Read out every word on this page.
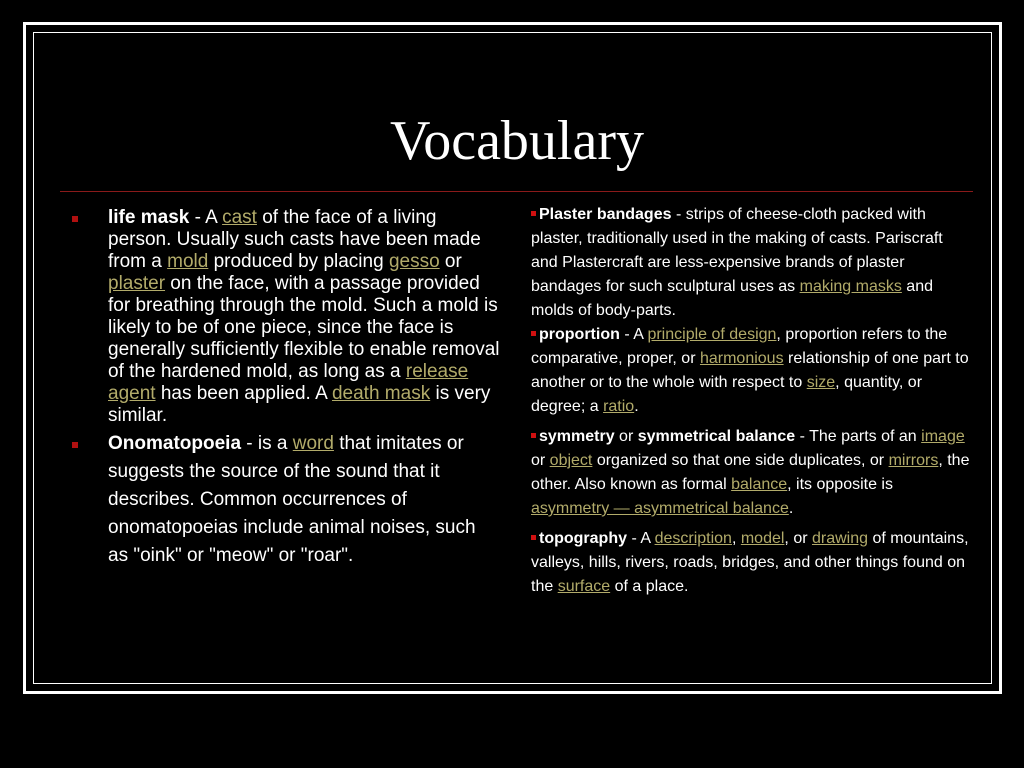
Vocabulary
life mask - A cast of the face of a living person. Usually such casts have been made from a mold produced by placing gesso or plaster on the face, with a passage provided for breathing through the mold. Such a mold is likely to be of one piece, since the face is generally sufficiently flexible to enable removal of the hardened mold, as long as a release agent has been applied. A death mask is very similar.
Onomatopoeia - is a word that imitates or suggests the source of the sound that it describes. Common occurrences of onomatopoeias include animal noises, such as "oink" or "meow" or "roar".

Plaster bandages - strips of cheese-cloth packed with plaster, traditionally used in the making of casts. Pariscraft and Plastercraft are less-expensive brands of plaster bandages for such sculptural uses as making masks and molds of body-parts.

proportion - A principle of design, proportion refers to the comparative, proper, or harmonious relationship of one part to another or to the whole with respect to size, quantity, or degree; a ratio.

symmetry or symmetrical balance - The parts of an image or object organized so that one side duplicates, or mirrors, the other. Also known as formal balance, its opposite is asymmetry — asymmetrical balance.

topography - A description, model, or drawing of mountains, valleys, hills, rivers, roads, bridges, and other things found on the surface of a place.
